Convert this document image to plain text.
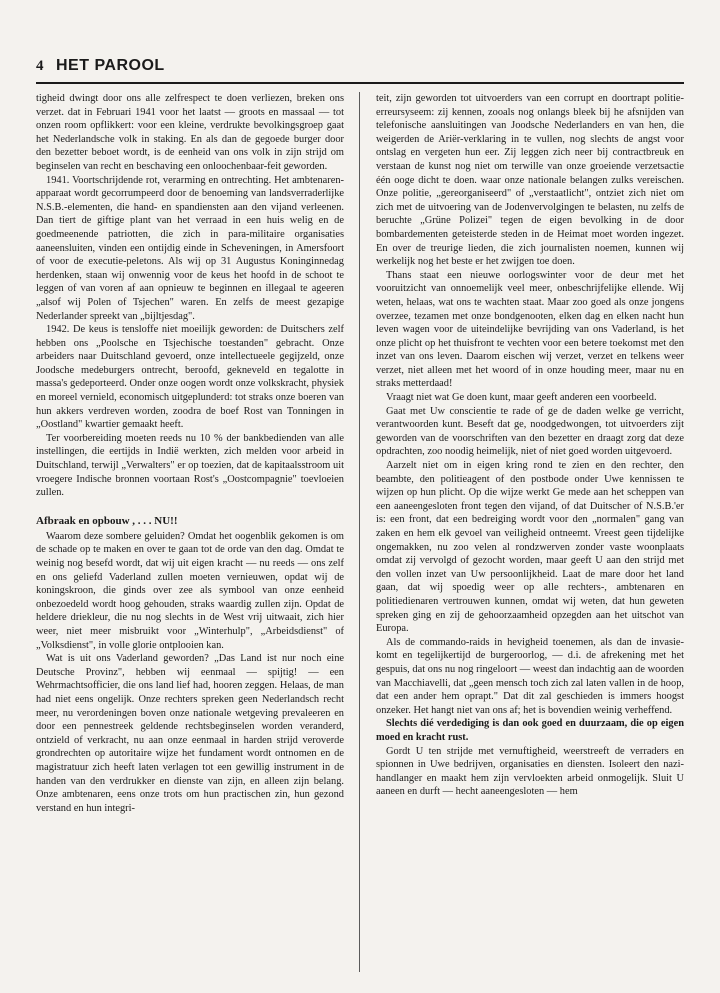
4 HET PAROOL

tigheid dwingt door ons alle zelfrespect te doen verliezen, breken ons verzet. dat in Februari 1941 voor het laatst — groots en massaal — tot onzen room opflikkert: voor een kleine, verdrukte bevolkingsgroep gaat het Nederlandsche volk in staking. En als dan de gegoede burger door den bezetter beboet wordt, is de eenheid van ons volk in zijn strijd om beginselen van recht en beschaving een onloochenbaar-feit geworden.

1941. Voortschrijdende rot, verarming en ontrechting. Het ambtenaren-apparaat wordt gecorrumpeerd door de benoeming van landsverraderlijke N.S.B.-elementen, die hand- en spandiensten aan den vijand verleenen. Dan tiert de giftige plant van het verraad in een huis welig en de goedmeenende patriotten, die zich in para-militaire organisaties aaneensluiten, vinden een ontijdig einde in Scheveningen, in Amersfoort of voor de executie-peletons. Als wij op 31 Augustus Koninginnedag herdenken, staan wij onwennig voor de keus het hoofd in de schoot te leggen of van voren af aan opnieuw te beginnen en illegaal te ageeren „alsof wij Polen of Tsjechen" waren. En zelfs de meest gezapige Nederlander spreekt van „bijltjesdag".

1942. De keus is tensloffe niet moeilijk geworden: de Duitschers zelf hebben ons „Poolsche en Tsjechische toestanden" gebracht. Onze arbeiders naar Duitschland gevoerd, onze intellectueele gegijzeld, onze Joodsche medeburgers ontrecht, beroofd, gekneveld en tegalotte in massa's gedeporteerd. Onder onze oogen wordt onze volkskracht, physiek en moreel vernield, economisch uitgeplunderd: tot straks onze boeren van hun akkers verdreven worden, zoodra de boef Rost van Tonningen in „Oostland" kwartier gemaakt heeft.

Ter voorbereiding moeten reeds nu 10 % der bankbedienden van alle instellingen, die eertijds in Indië werkten, zich melden voor arbeid in Duitschland, terwijl „Verwalters" er op toezien, dat de kapitaalsstroom uit vroegere Indische bronnen voortaan Rost's „Oostcompagnie" toevloeien zullen.

Afbraak en opbouw , . . . NU!!

Waarom deze sombere geluiden? Omdat het oogenblik gekomen is om de schade op te maken en over te gaan tot de orde van den dag. Omdat te weinig nog besefd wordt, dat wij uit eigen kracht — nu reeds — ons zelf en ons geliefd Vaderland zullen moeten vernieuwen, opdat wij de koningskroon, die ginds over zee als symbool van onze eenheid onbezoedeld wordt hoog gehouden, straks waardig zullen zijn. Opdat de heldere driekleur, die nu nog slechts in de West vrij uitwaait, zich hier weer, niet meer misbruikt voor „Winterhulp", „Arbeidsdienst" of „Volksdienst", in volle glorie ontplooien kan.

Wat is uit ons Vaderland geworden? „Das Land ist nur noch eine Deutsche Provinz", hebben wij eenmaal — spijtig! — een Wehrmachtsofficier, die ons land lief had, hooren zeggen. Helaas, de man had niet eens ongelijk. Onze rechters spreken geen Nederlandsch recht meer, nu verordeningen boven onze nationale wetgeving prevaleeren en door een pennestreek geldende rechtsbeginselen worden veranderd, ontzield of verkracht, nu aan onze eenmaal in harden strijd veroverde grondrechten op autoritaire wijze het fundament wordt ontnomen en de magistratuur zich heeft laten verlagen tot een gewillig instrument in de handen van den verdrukker en dienste van zijn, en alleen zijn belang. Onze ambtenaren, eens onze trots om hun practischen zin, hun gezond verstand en hun integri-

teit, zijn geworden tot uitvoerders van een corrupt en doortrapt politie-erreursyseem: zij kennen, zooals nog onlangs bleek bij he afsnijden van telefonische aansluitingen van Joodsche Nederlanders en van hen, die weigerden de Ariër-verklaring in te vullen, nog slechts de angst voor ontslag en vergeten hun eer. Zij leggen zich neer bij contractbreuk en verstaan de kunst nog niet om terwille van onze groeiende verzetsactie één ooge dicht te doen. waar onze nationale belangen zulks vereischen. Onze politie, „gereorganiseerd" of „verstaatlicht", ontziet zich niet om zich met de uitvoering van de Jodenvervolgingen te belasten, nu zelfs de beruchte „Grüne Polizei" tegen de eigen bevolking in de door bombardementen geteisterde steden in de Heimat moet worden ingezet. En over de treurige lieden, die zich journalisten noemen, kunnen wij werkelijk nog het beste er het zwijgen toe doen.

Thans staat een nieuwe oorlogswinter voor de deur met het vooruitzicht van onnoemelijk veel meer, onbeschrijfelijke ellende. Wij weten, helaas, wat ons te wachten staat. Maar zoo goed als onze jongens overzee, tezamen met onze bondgenooten, elken dag en elken nacht hun leven wagen voor de uiteindelijke bevrijding van ons Vaderland, is het onze plicht op het thuisfront te vechten voor een betere toekomst met den inzet van ons leven. Daarom eischen wij verzet, verzet en telkens weer verzet, niet alleen met het woord of in onze houding meer, maar nu en straks metterdaad!

Vraagt niet wat Ge doen kunt, maar geeft anderen een voorbeeld.

Gaat met Uw conscientie te rade of ge de daden welke ge verricht, verantwoorden kunt. Beseft dat ge, noodgedwongen, tot uitvoerders zijt geworden van de voorschriften van den bezetter en draagt zorg dat deze opdrachten, zoo noodig heimelijk, niet of niet goed worden uitgevoerd.

Aarzelt niet om in eigen kring rond te zien en den rechter, den beambte, den politieagent of den postbode onder Uwe kennissen te wijzen op hun plicht. Op die wijze werkt Ge mede aan het scheppen van een aaneengesloten front tegen den vijand, of dat Duitscher of N.S.B.'er is: een front, dat een bedreiging wordt voor den „normalen" gang van zaken en hem elk gevoel van veiligheid ontneemt. Vreest geen tijdelijke ongemakken, nu zoo velen al rondzwerven zonder vaste woonplaats omdat zij vervolgd of gezocht worden, maar geeft U aan den strijd met den vollen inzet van Uw persoonlijkheid. Laat de mare door het land gaan, dat wij spoedig weer op alle rechters-, ambtenaren en politiedienaren vertrouwen kunnen, omdat wij weten, dat hun geweten spreken ging en zij de gehoorzaamheid opzegden aan het uitschot van Europa.

Als de commando-raids in hevigheid toenemen, als dan de invasie-komt en tegelijkertijd de burgeroorlog, — d.i. de afrekening met het gespuis, dat ons nu nog ringeloort — weest dan indachtig aan de woorden van Macchiavelli, dat „geen mensch toch zich zal laten vallen in de hoop, dat een ander hem oprapt." Dat dit zal geschieden is immers hoogst onzeker. Het hangt niet van ons af; het is bovendien weinig verheffend.

Slechts dié verdediging is dan ook goed en duurzaam, die op eigen moed en kracht rust.

Gordt U ten strijde met vernuftigheid, weerstreeft de verraders en spionnen in Uwe bedrijven, organisaties en diensten. Isoleert den nazi-handlanger en maakt hem zijn vervloekten arbeid onmogelijk. Sluit U aaneen en durft — hecht aaneengesloten — hem
